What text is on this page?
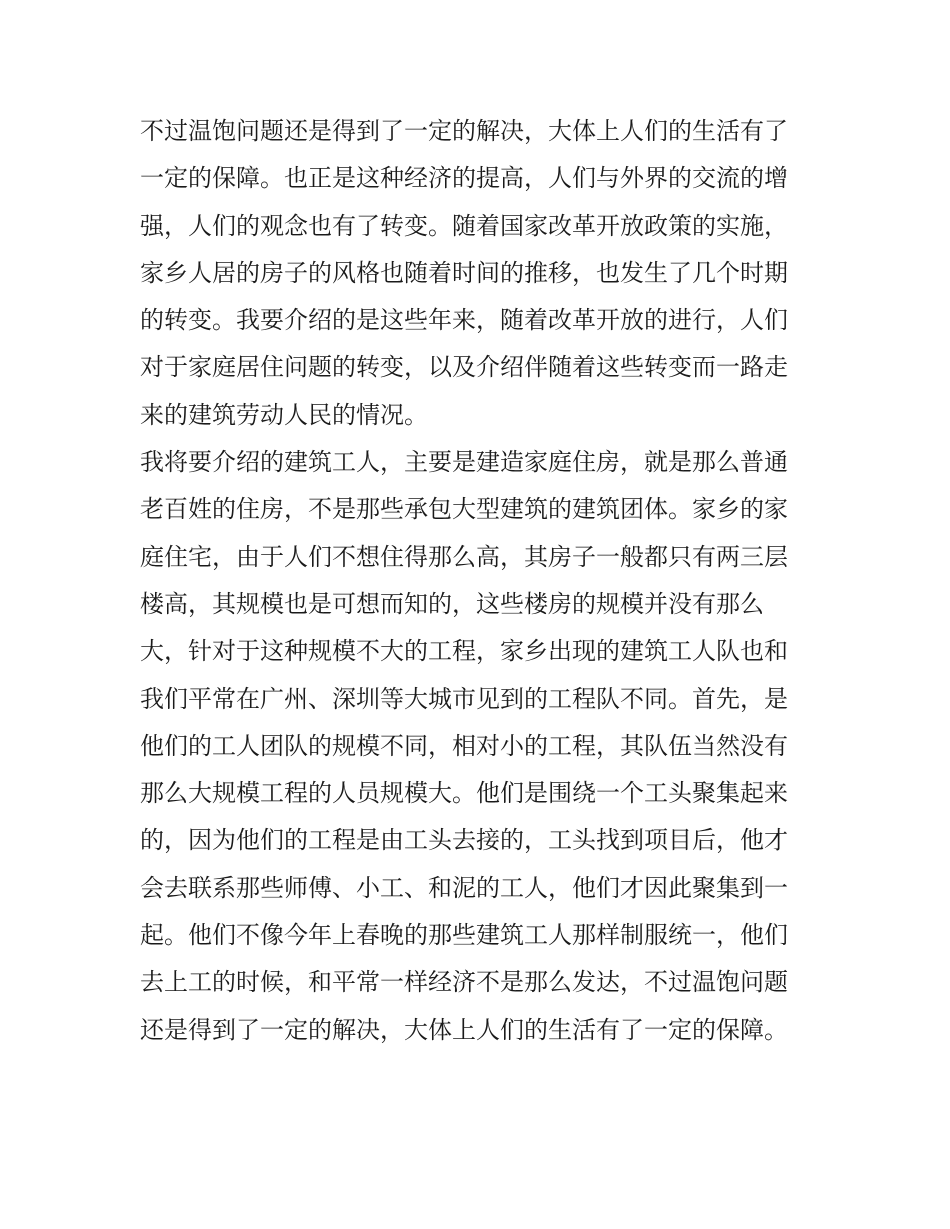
不过温饱问题还是得到了一定的解决，大体上人们的生活有了
一定的保障。也正是这种经济的提高，人们与外界的交流的增
强，人们的观念也有了转变。随着国家改革开放政策的实施，
家乡人居的房子的风格也随着时间的推移，也发生了几个时期
的转变。我要介绍的是这些年来，随着改革开放的进行，人们
对于家庭居住问题的转变，以及介绍伴随着这些转变而一路走
来的建筑劳动人民的情况。
我将要介绍的建筑工人，主要是建造家庭住房，就是那么普通
老百姓的住房，不是那些承包大型建筑的建筑团体。家乡的家
庭住宅，由于人们不想住得那么高，其房子一般都只有两三层
楼高，其规模也是可想而知的，这些楼房的规模并没有那么
大，针对于这种规模不大的工程，家乡出现的建筑工人队也和
我们平常在广州、深圳等大城市见到的工程队不同。首先，是
他们的工人团队的规模不同，相对小的工程，其队伍当然没有
那么大规模工程的人员规模大。他们是围绕一个工头聚集起来
的，因为他们的工程是由工头去接的，工头找到项目后，他才
会去联系那些师傅、小工、和泥的工人，他们才因此聚集到一
起。他们不像今年上春晚的那些建筑工人那样制服统一，他们
去上工的时候，和平常一样经济不是那么发达，不过温饱问题
还是得到了一定的解决，大体上人们的生活有了一定的保障。
